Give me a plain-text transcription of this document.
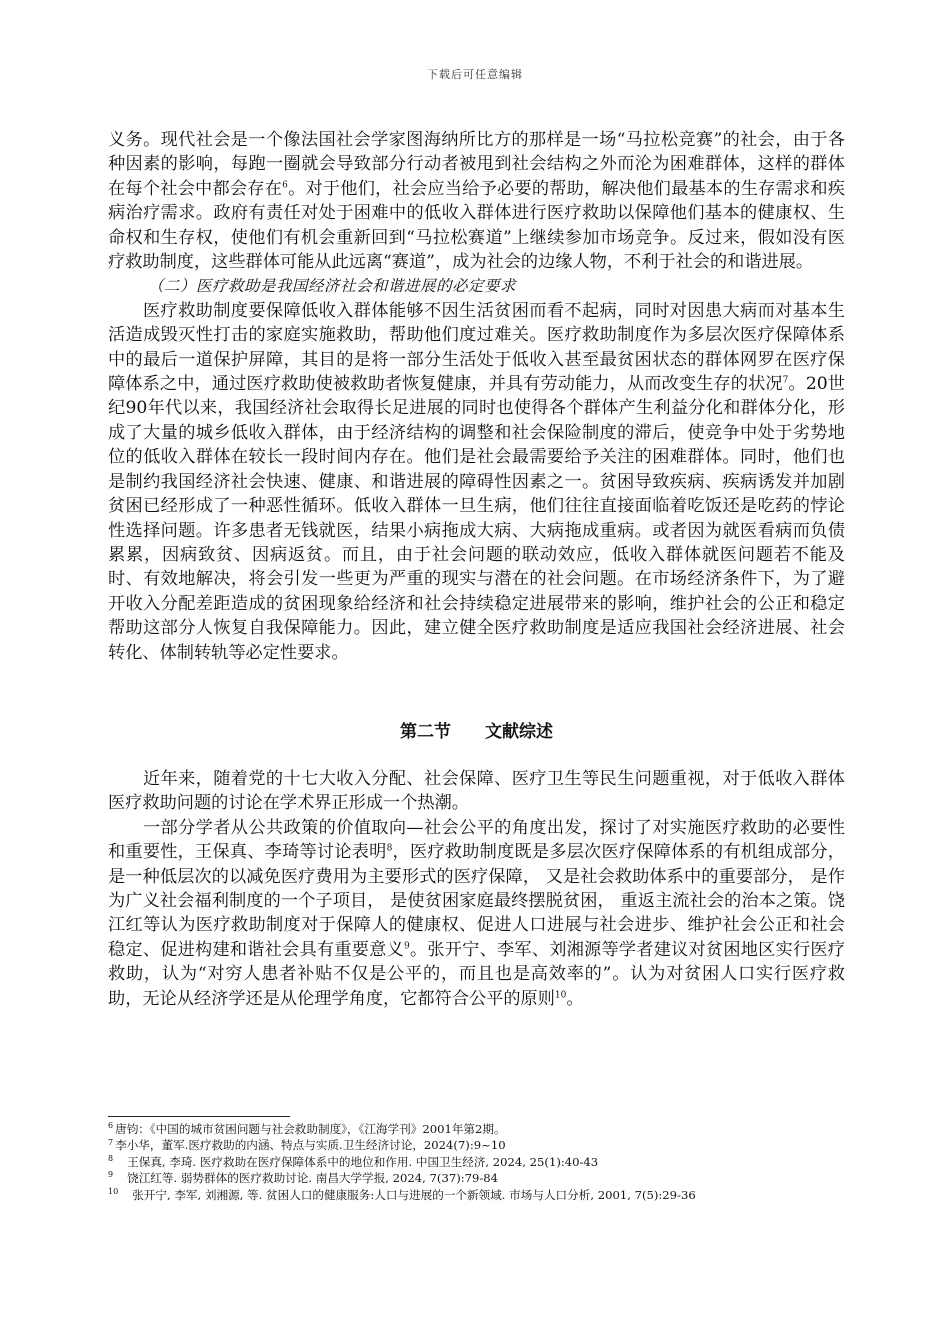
下载后可任意编辑

义务。现代社会是一个像法国社会学家图海纳所比方的那样是一场“马拉松竞赛”的社会，由于各种因素的影响，每跑一圈就会导致部分行动者被甩到社会结构之外而沦为困难群体，这样的群体在每个社会中都会存在$^6$。对于他们，社会应当给予必要的帮助，解决他们最基本的生存需求和疾病治疗需求。政府有责任对处于困难中的低收入群体进行医疗救助以保障他们基本的健康权、生命权和生存权，使他们有机会重新回到“马拉松赛道”上继续参加市场竞争。反过来，假如没有医疗救助制度，这些群体可能从此远离“赛道”，成为社会的边缘人物，不利于社会的和谐进展。

（二）医疗救助是我国经济社会和谐进展的必定要求

医疗救助制度要保障低收入群体能够不因生活贫困而看不起病，同时对因患大病而对基本生活造成毁灭性打击的家庭实施救助，帮助他们度过难关。医疗救助制度作为多层次医疗保障体系中的最后一道保护屏障，其目的是将一部分生活处于低收入甚至最贫困状态的群体网罗在医疗保障体系之中，通过医疗救助使被救助者恢复健康，并具有劳动能力，从而改变生存的状况$^7$。20世纪90年代以来，我国经济社会取得长足进展的同时也使得各个群体产生利益分化和群体分化，形成了大量的城乡低收入群体，由于经济结构的调整和社会保险制度的滞后，使竞争中处于劣势地位的低收入群体在较长一段时间内存在。他们是社会最需要给予关注的困难群体。同时，他们也是制约我国经济社会快速、健康、和谐进展的障碍性因素之一。贫困导致疾病、疾病诱发并加剧贫困已经形成了一种恶性循环。低收入群体一旦生病，他们往往直接面临着吃饭还是吃药的悖论性选择问题。许多患者无钱就医，结果小病拖成大病、大病拖成重病。或者因为就医看病而负债累累，因病致贫、因病返贫。而且，由于社会问题的联动效应，低收入群体就医问题若不能及时、有效地解决，将会引发一些更为严重的现实与潜在的社会问题。在市场经济条件下，为了避开收入分配差距造成的贫困现象给经济和社会持续稳定进展带来的影响，维护社会的公正和稳定帮助这部分人恢复自我保障能力。因此，建立健全医疗救助制度是适应我国社会经济进展、社会转化、体制转轨等必定性要求。

第二节 文献综述

近年来，随着党的十七大收入分配、社会保障、医疗卫生等民生问题重视，对于低收入群体医疗救助问题的讨论在学术界正形成一个热潮。

一部分学者从公共政策的价值取向—社会公平的角度出发，探讨了对实施医疗救助的必要性和重要性，王保真、李琦等讨论表明$^8$，医疗救助制度既是多层次医疗保障体系的有机组成部分， 是一种低层次的以减免医疗费用为主要形式的医疗保障， 又是社会救助体系中的重要部分， 是作为广义社会福利制度的一个子项目， 是使贫困家庭最终摆脱贫困， 重返主流社会的治本之策。饶江红等认为医疗救助制度对于保障人的健康权、促进人口进展与社会进步、维护社会公正和社会稳定、促进构建和谐社会具有重要意义$^9$。张开宁、李军、刘湘源等学者建议对贫困地区实行医疗救助，认为“对穷人患者补贴不仅是公平的，而且也是高效率的”。认为对贫困人口实行医疗救助，无论从经济学还是从伦理学角度，它都符合公平的原则$^{10}$。

$^6$ 唐钧：《中国的城市贫困问题与社会救助制度》，《江海学刊》2001年第2期。
$^7$ 李小华，董军.医疗救助的内涵、特点与实质.卫生经济讨论，2024(7):9~10
$^8$ 王保真, 李琦. 医疗救助在医疗保障体系中的地位和作用. 中国卫生经济, 2024, 25(1):40-43
$^9$ 饶江红等. 弱势群体的医疗救助讨论. 南昌大学学报, 2024, 7(37):79-84
$^{10}$ 张开宁, 李军, 刘湘源, 等. 贫困人口的健康服务:人口与进展的一个新领域. 市场与人口分析, 2001, 7(5):29-36
